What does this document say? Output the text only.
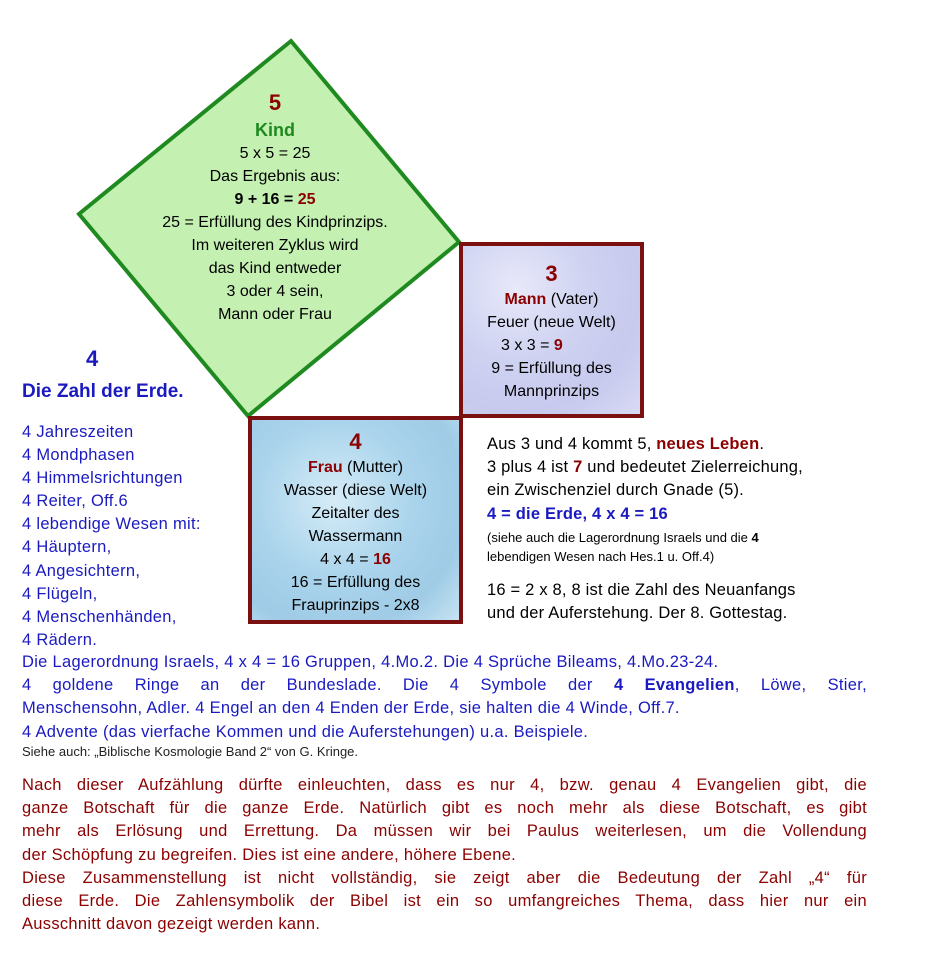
5
Kind
5 x 5 = 25
Das Ergebnis aus:
9 + 16 = 25
25 = Erfüllung des Kindprinzips.
Im weiteren Zyklus wird
das Kind entweder
3 oder 4 sein,
Mann oder Frau
3
Mann (Vater)
Feuer (neue Welt)
3 x 3 = 9
9 = Erfüllung des
Mannprinzips
4
Frau (Mutter)
Wasser (diese Welt)
Zeitalter des
Wassermann
4 x 4 = 16
16 = Erfüllung des
Frauprinzips - 2x8
4
Die Zahl der Erde.
4 Jahreszeiten
4 Mondphasen
4 Himmelsrichtungen
4 Reiter, Off.6
4 lebendige Wesen mit:
4 Häuptern,
4 Angesichtern,
4 Flügeln,
4 Menschenhänden,
4 Rädern.
Aus 3 und 4 kommt 5, neues Leben.
3 plus 4 ist 7 und bedeutet Zielerreichung,
ein Zwischenziel durch Gnade (5).
4 = die Erde, 4 x 4 = 16
(siehe auch die Lagerordnung Israels und die 4
lebendigen Wesen nach Hes.1 u. Off.4)
16 = 2 x 8, 8 ist die Zahl des Neuanfangs
und der Auferstehung. Der 8. Gottestag.
Die Lagerordnung Israels, 4 x 4 = 16 Gruppen, 4.Mo.2. Die 4 Sprüche Bileams, 4.Mo.23-24.
4 goldene Ringe an der Bundeslade. Die 4 Symbole der 4 Evangelien, Löwe, Stier,
Menschensohn, Adler. 4 Engel an den 4 Enden der Erde, sie halten die 4 Winde, Off.7.
4 Advente (das vierfache Kommen und die Auferstehungen) u.a. Beispiele.
Siehe auch: „Biblische Kosmologie Band 2“ von G. Kringe.
Nach dieser Aufzählung dürfte einleuchten, dass es nur 4, bzw. genau 4 Evangelien gibt, die
ganze Botschaft für die ganze Erde. Natürlich gibt es noch mehr als diese Botschaft, es gibt
mehr als Erlösung und Errettung. Da müssen wir bei Paulus weiterlesen, um die Vollendung
der Schöpfung zu begreifen. Dies ist eine andere, höhere Ebene.
Diese Zusammenstellung ist nicht vollständig, sie zeigt aber die Bedeutung der Zahl „4“ für
diese Erde. Die Zahlensymbolik der Bibel ist ein so umfangreiches Thema, dass hier nur ein
Ausschnitt davon gezeigt werden kann.
